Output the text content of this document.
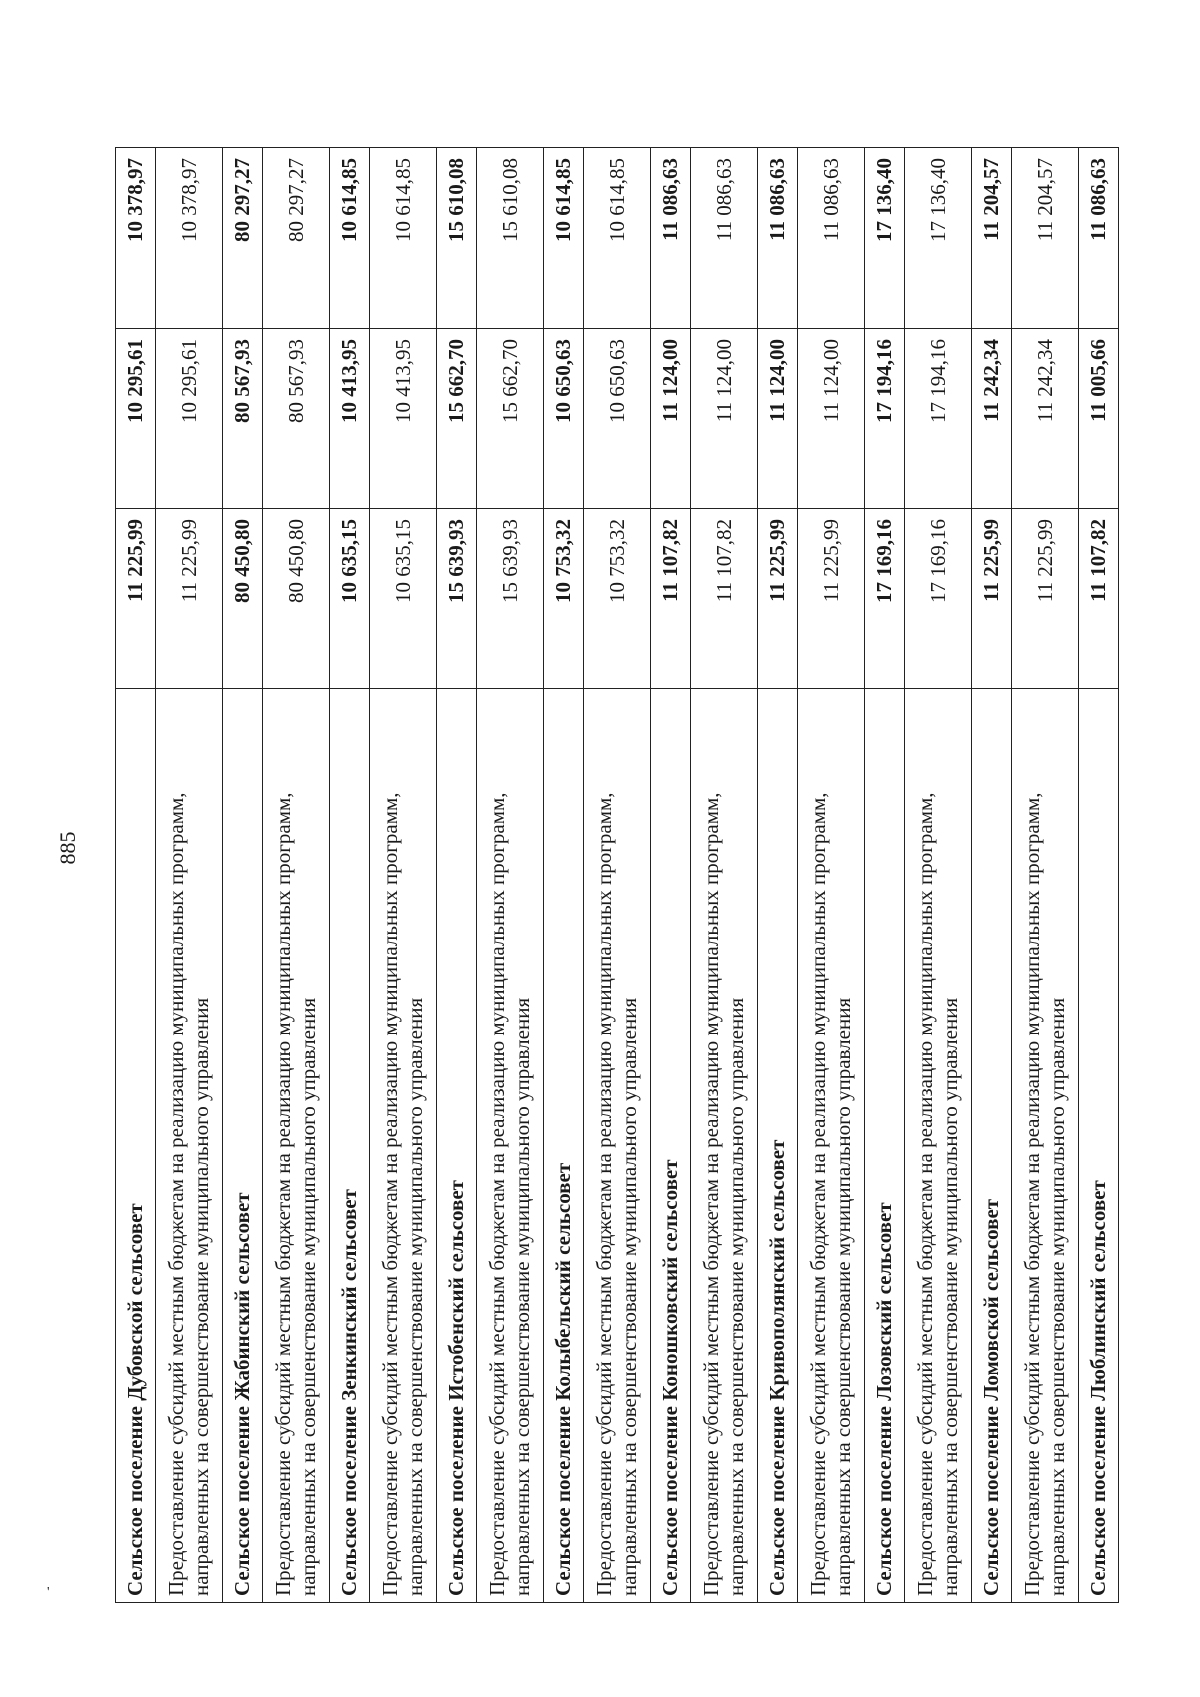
885
'	Сельское поселение Дубовской сельсовет	11 225,99	10 295,61	10 378,97
Предоставление субсидий местным бюджетам на реализацию муниципальных программ, направленных на совершенствование муниципального управления	11 225,99	10 295,61	10 378,97
Сельское поселение Жабинский сельсовет	80 450,80	80 567,93	80 297,27
Предоставление субсидий местным бюджетам на реализацию муниципальных программ, направленных на совершенствование муниципального управления	80 450,80	80 567,93	80 297,27
Сельское поселение Зенкинский сельсовет	10 635,15	10 413,95	10 614,85
Предоставление субсидий местным бюджетам на реализацию муниципальных программ, направленных на совершенствование муниципального управления	10 635,15	10 413,95	10 614,85
Сельское поселение Истобенский сельсовет	15 639,93	15 662,70	15 610,08
Предоставление субсидий местным бюджетам на реализацию муниципальных программ, направленных на совершенствование муниципального управления	15 639,93	15 662,70	15 610,08
Сельское поселение Колыбельский сельсовет	10 753,32	10 650,63	10 614,85
Предоставление субсидий местным бюджетам на реализацию муниципальных программ, направленных на совершенствование муниципального управления	10 753,32	10 650,63	10 614,85
Сельское поселение Коношковский сельсовет	11 107,82	11 124,00	11 086,63
Предоставление субсидий местным бюджетам на реализацию муниципальных программ, направленных на совершенствование муниципального управления	11 107,82	11 124,00	11 086,63
Сельское поселение Кривополянский сельсовет	11 225,99	11 124,00	11 086,63
Предоставление субсидий местным бюджетам на реализацию муниципальных программ, направленных на совершенствование муниципального управления	11 225,99	11 124,00	11 086,63
Сельское поселение Лозовский сельсовет	17 169,16	17 194,16	17 136,40
Предоставление субсидий местным бюджетам на реализацию муниципальных программ, направленных на совершенствование муниципального управления	17 169,16	17 194,16	17 136,40
Сельское поселение Ломовской сельсовет	11 225,99	11 242,34	11 204,57
Предоставление субсидий местным бюджетам на реализацию муниципальных программ, направленных на совершенствование муниципального управления	11 225,99	11 242,34	11 204,57
Сельское поселение Люблинский сельсовет	11 107,82	11 005,66	11 086,63
